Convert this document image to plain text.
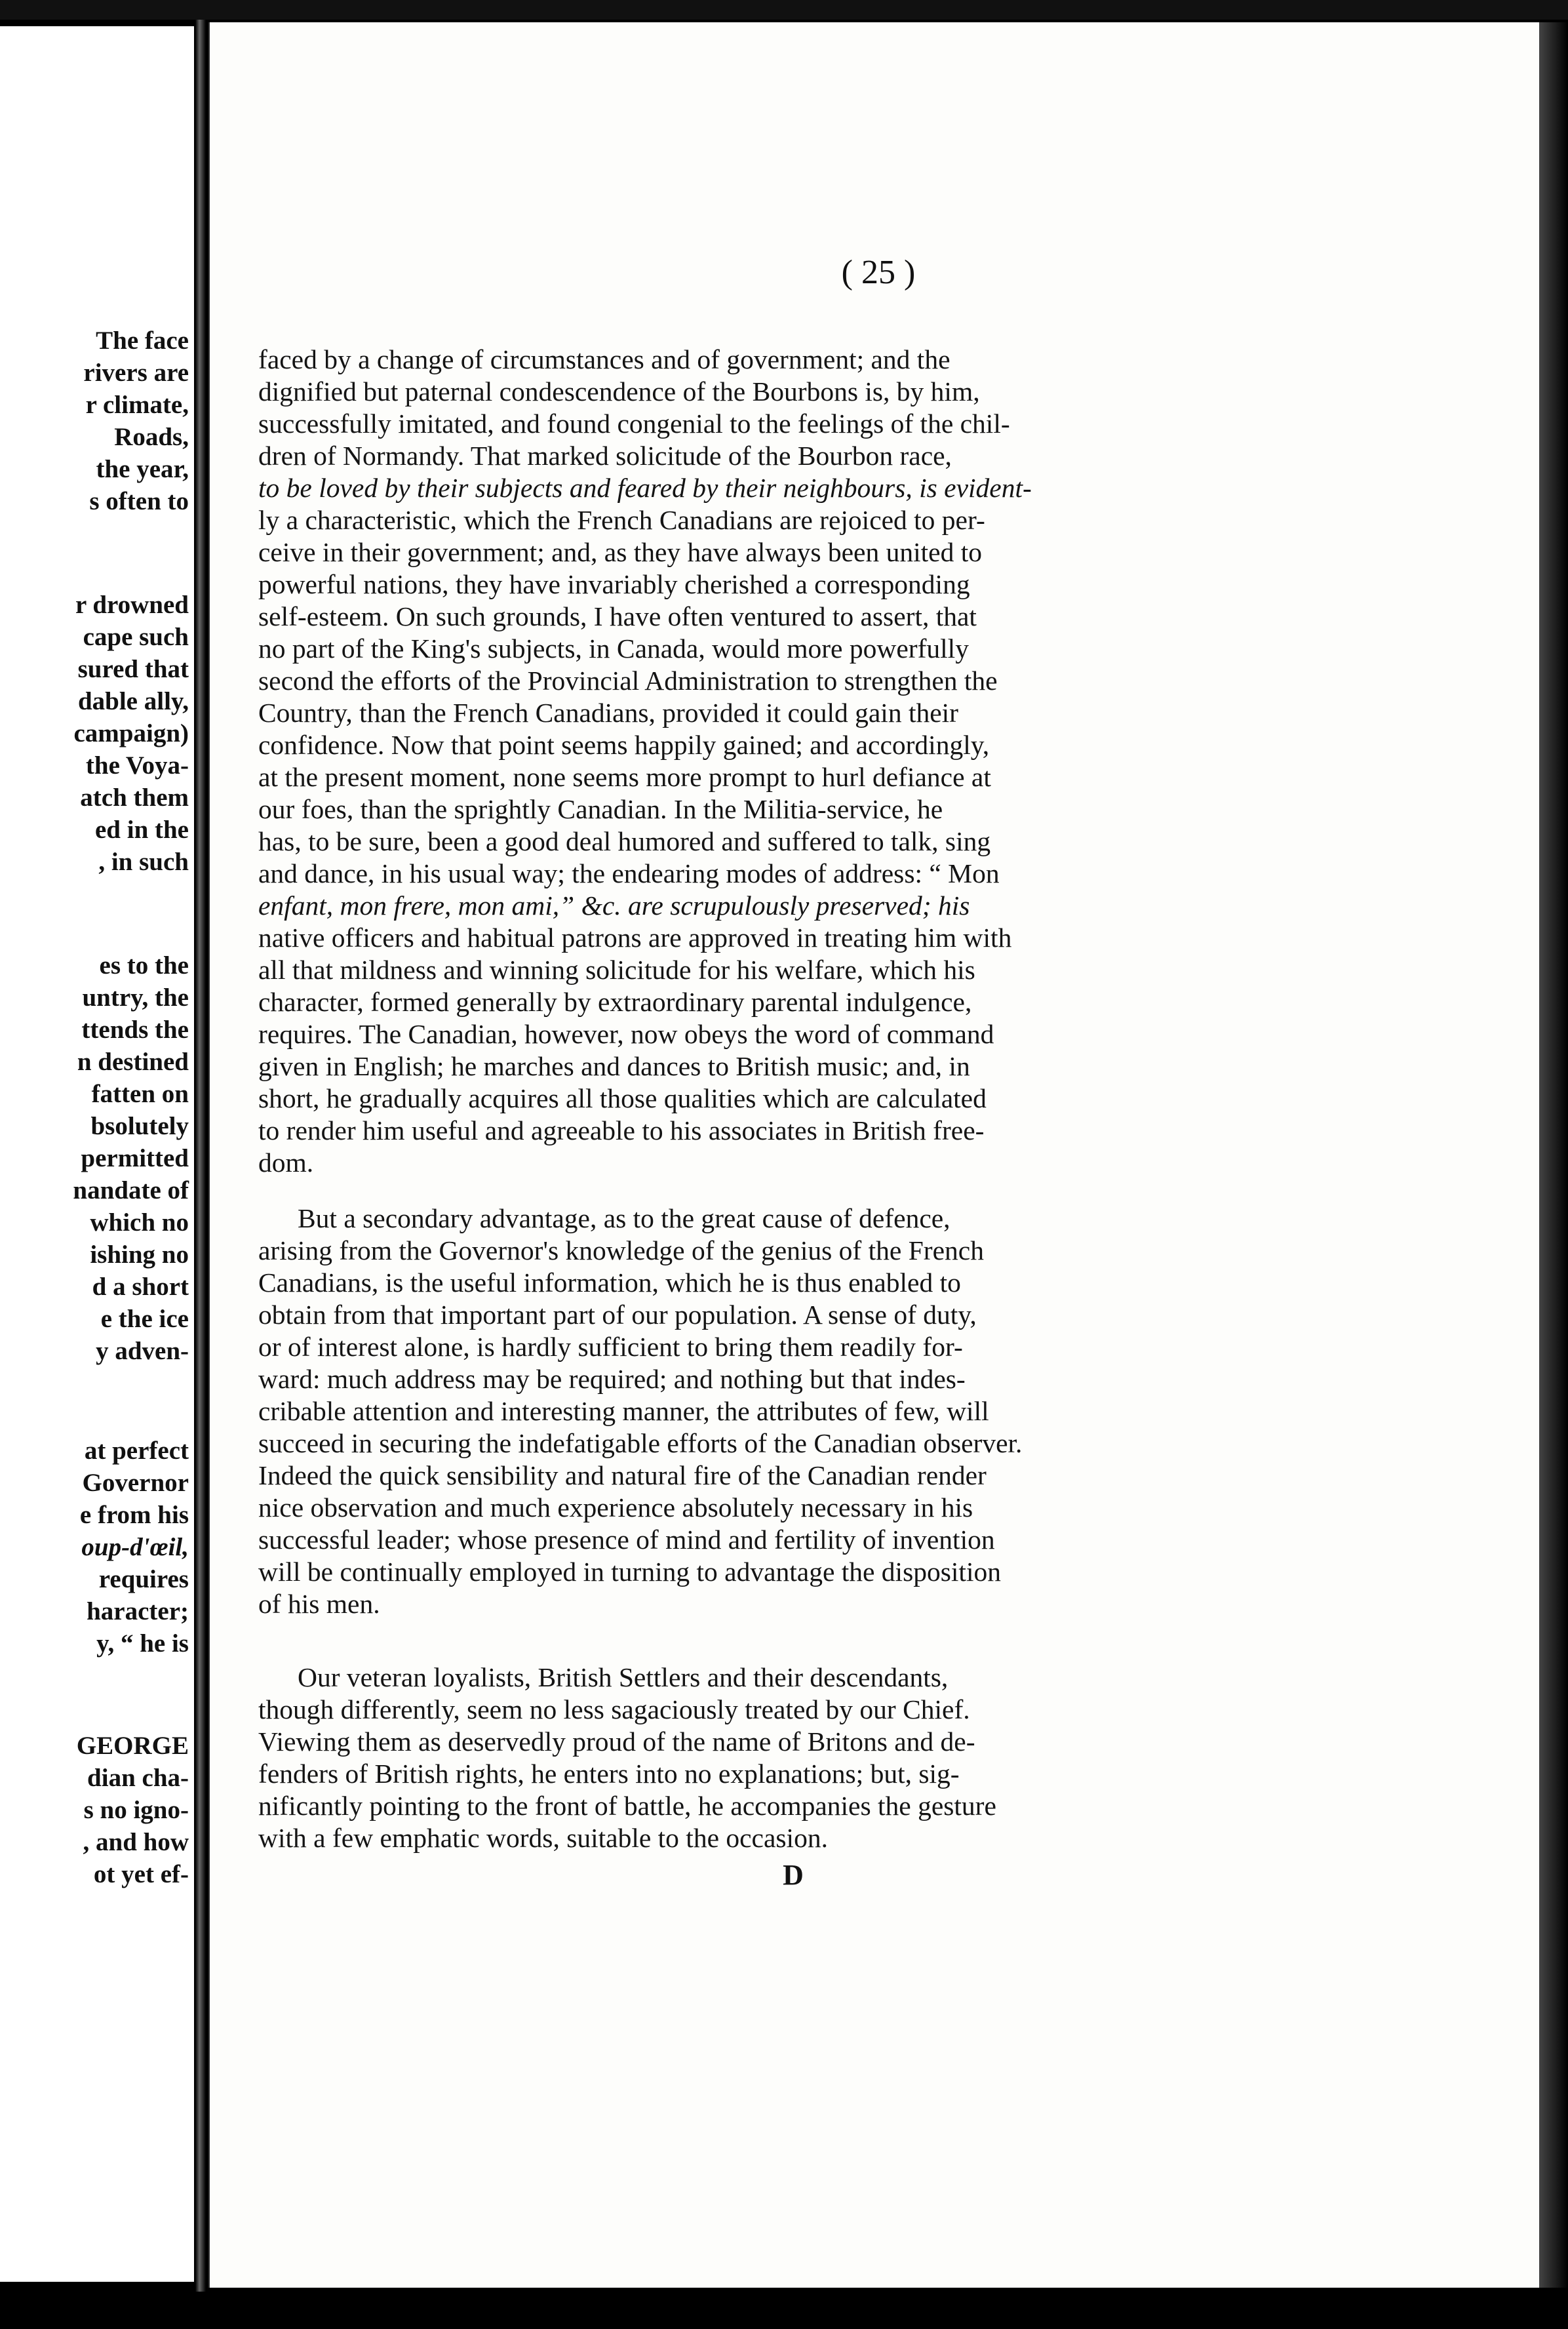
The face

rivers are

r climate,

Roads,

the year,

s often to

r drowned

cape such

sured that

dable ally,

campaign)

the Voya-

atch them

ed in the

, in such

es to the

untry, the

ttends the

n destined

fatten on

bsolutely

permitted

nandate of

which no

ishing no

d a short

e the ice

y adven-

at perfect

Governor

e from his

oup-d'œil,

requires

haracter;

y, “ he is

GEORGE

dian cha-

s no igno-

, and how

ot yet ef-

( 25 )

faced by a change of circumstances and of government; and the
dignified but paternal condescendence of the Bourbons is, by him,
successfully imitated, and found congenial to the feelings of the chil-
dren of Normandy. That marked solicitude of the Bourbon race,
to be loved by their subjects and feared by their neighbours, is evident-
ly a characteristic, which the French Canadians are rejoiced to per-
ceive in their government; and, as they have always been united to
powerful nations, they have invariably cherished a corresponding
self-esteem. On such grounds, I have often ventured to assert, that
no part of the King's subjects, in Canada, would more powerfully
second the efforts of the Provincial Administration to strengthen the
Country, than the French Canadians, provided it could gain their
confidence. Now that point seems happily gained; and accordingly,
at the present moment, none seems more prompt to hurl defiance at
our foes, than the sprightly Canadian. In the Militia-service, he
has, to be sure, been a good deal humored and suffered to talk, sing
and dance, in his usual way; the endearing modes of address: “ Mon
enfant, mon frere, mon ami,” &c. are scrupulously preserved; his
native officers and habitual patrons are approved in treating him with
all that mildness and winning solicitude for his welfare, which his
character, formed generally by extraordinary parental indulgence,
requires. The Canadian, however, now obeys the word of command
given in English; he marches and dances to British music; and, in
short, he gradually acquires all those qualities which are calculated
to render him useful and agreeable to his associates in British free-
dom.
But a secondary advantage, as to the great cause of defence,
arising from the Governor's knowledge of the genius of the French
Canadians, is the useful information, which he is thus enabled to
obtain from that important part of our population. A sense of duty,
or of interest alone, is hardly sufficient to bring them readily for-
ward: much address may be required; and nothing but that indes-
cribable attention and interesting manner, the attributes of few, will
succeed in securing the indefatigable efforts of the Canadian observer.
Indeed the quick sensibility and natural fire of the Canadian render
nice observation and much experience absolutely necessary in his
successful leader; whose presence of mind and fertility of invention
will be continually employed in turning to advantage the disposition
of his men.
Our veteran loyalists, British Settlers and their descendants,
though differently, seem no less sagaciously treated by our Chief.
Viewing them as deservedly proud of the name of Britons and de-
fenders of British rights, he enters into no explanations; but, sig-
nificantly pointing to the front of battle, he accompanies the gesture
with a few emphatic words, suitable to the occasion.

D
